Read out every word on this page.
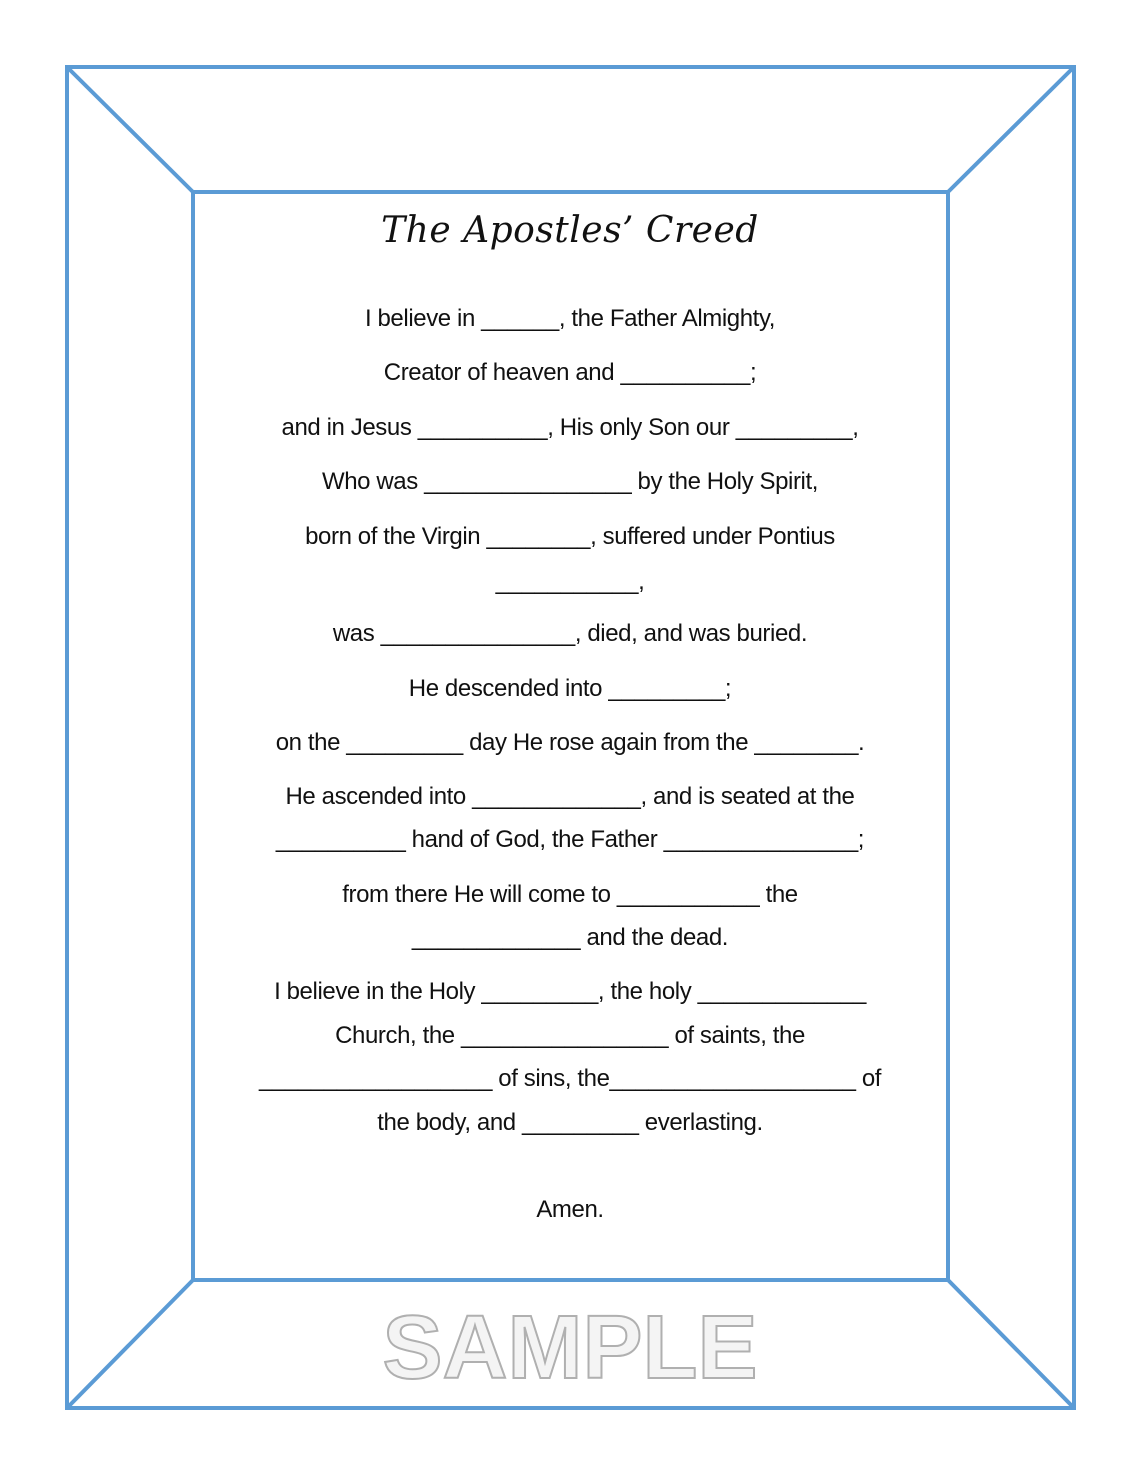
The Apostles’ Creed
I believe in ______, the Father Almighty,
Creator of heaven and __________;
and in Jesus __________, His only Son our _________,
Who was ________________ by the Holy Spirit,
born of the Virgin ________, suffered under Pontius
___________,
was _______________, died, and was buried.
He descended into _________;
on the _________ day He rose again from the ________.
He ascended into _____________, and is seated at the
__________ hand of God, the Father _______________;
from there He will come to ___________ the
_____________ and the dead.
I believe in the Holy _________, the holy _____________
Church, the ________________ of saints, the
__________________ of sins, the___________________ of
the body, and _________ everlasting.
Amen.
SAMPLE
